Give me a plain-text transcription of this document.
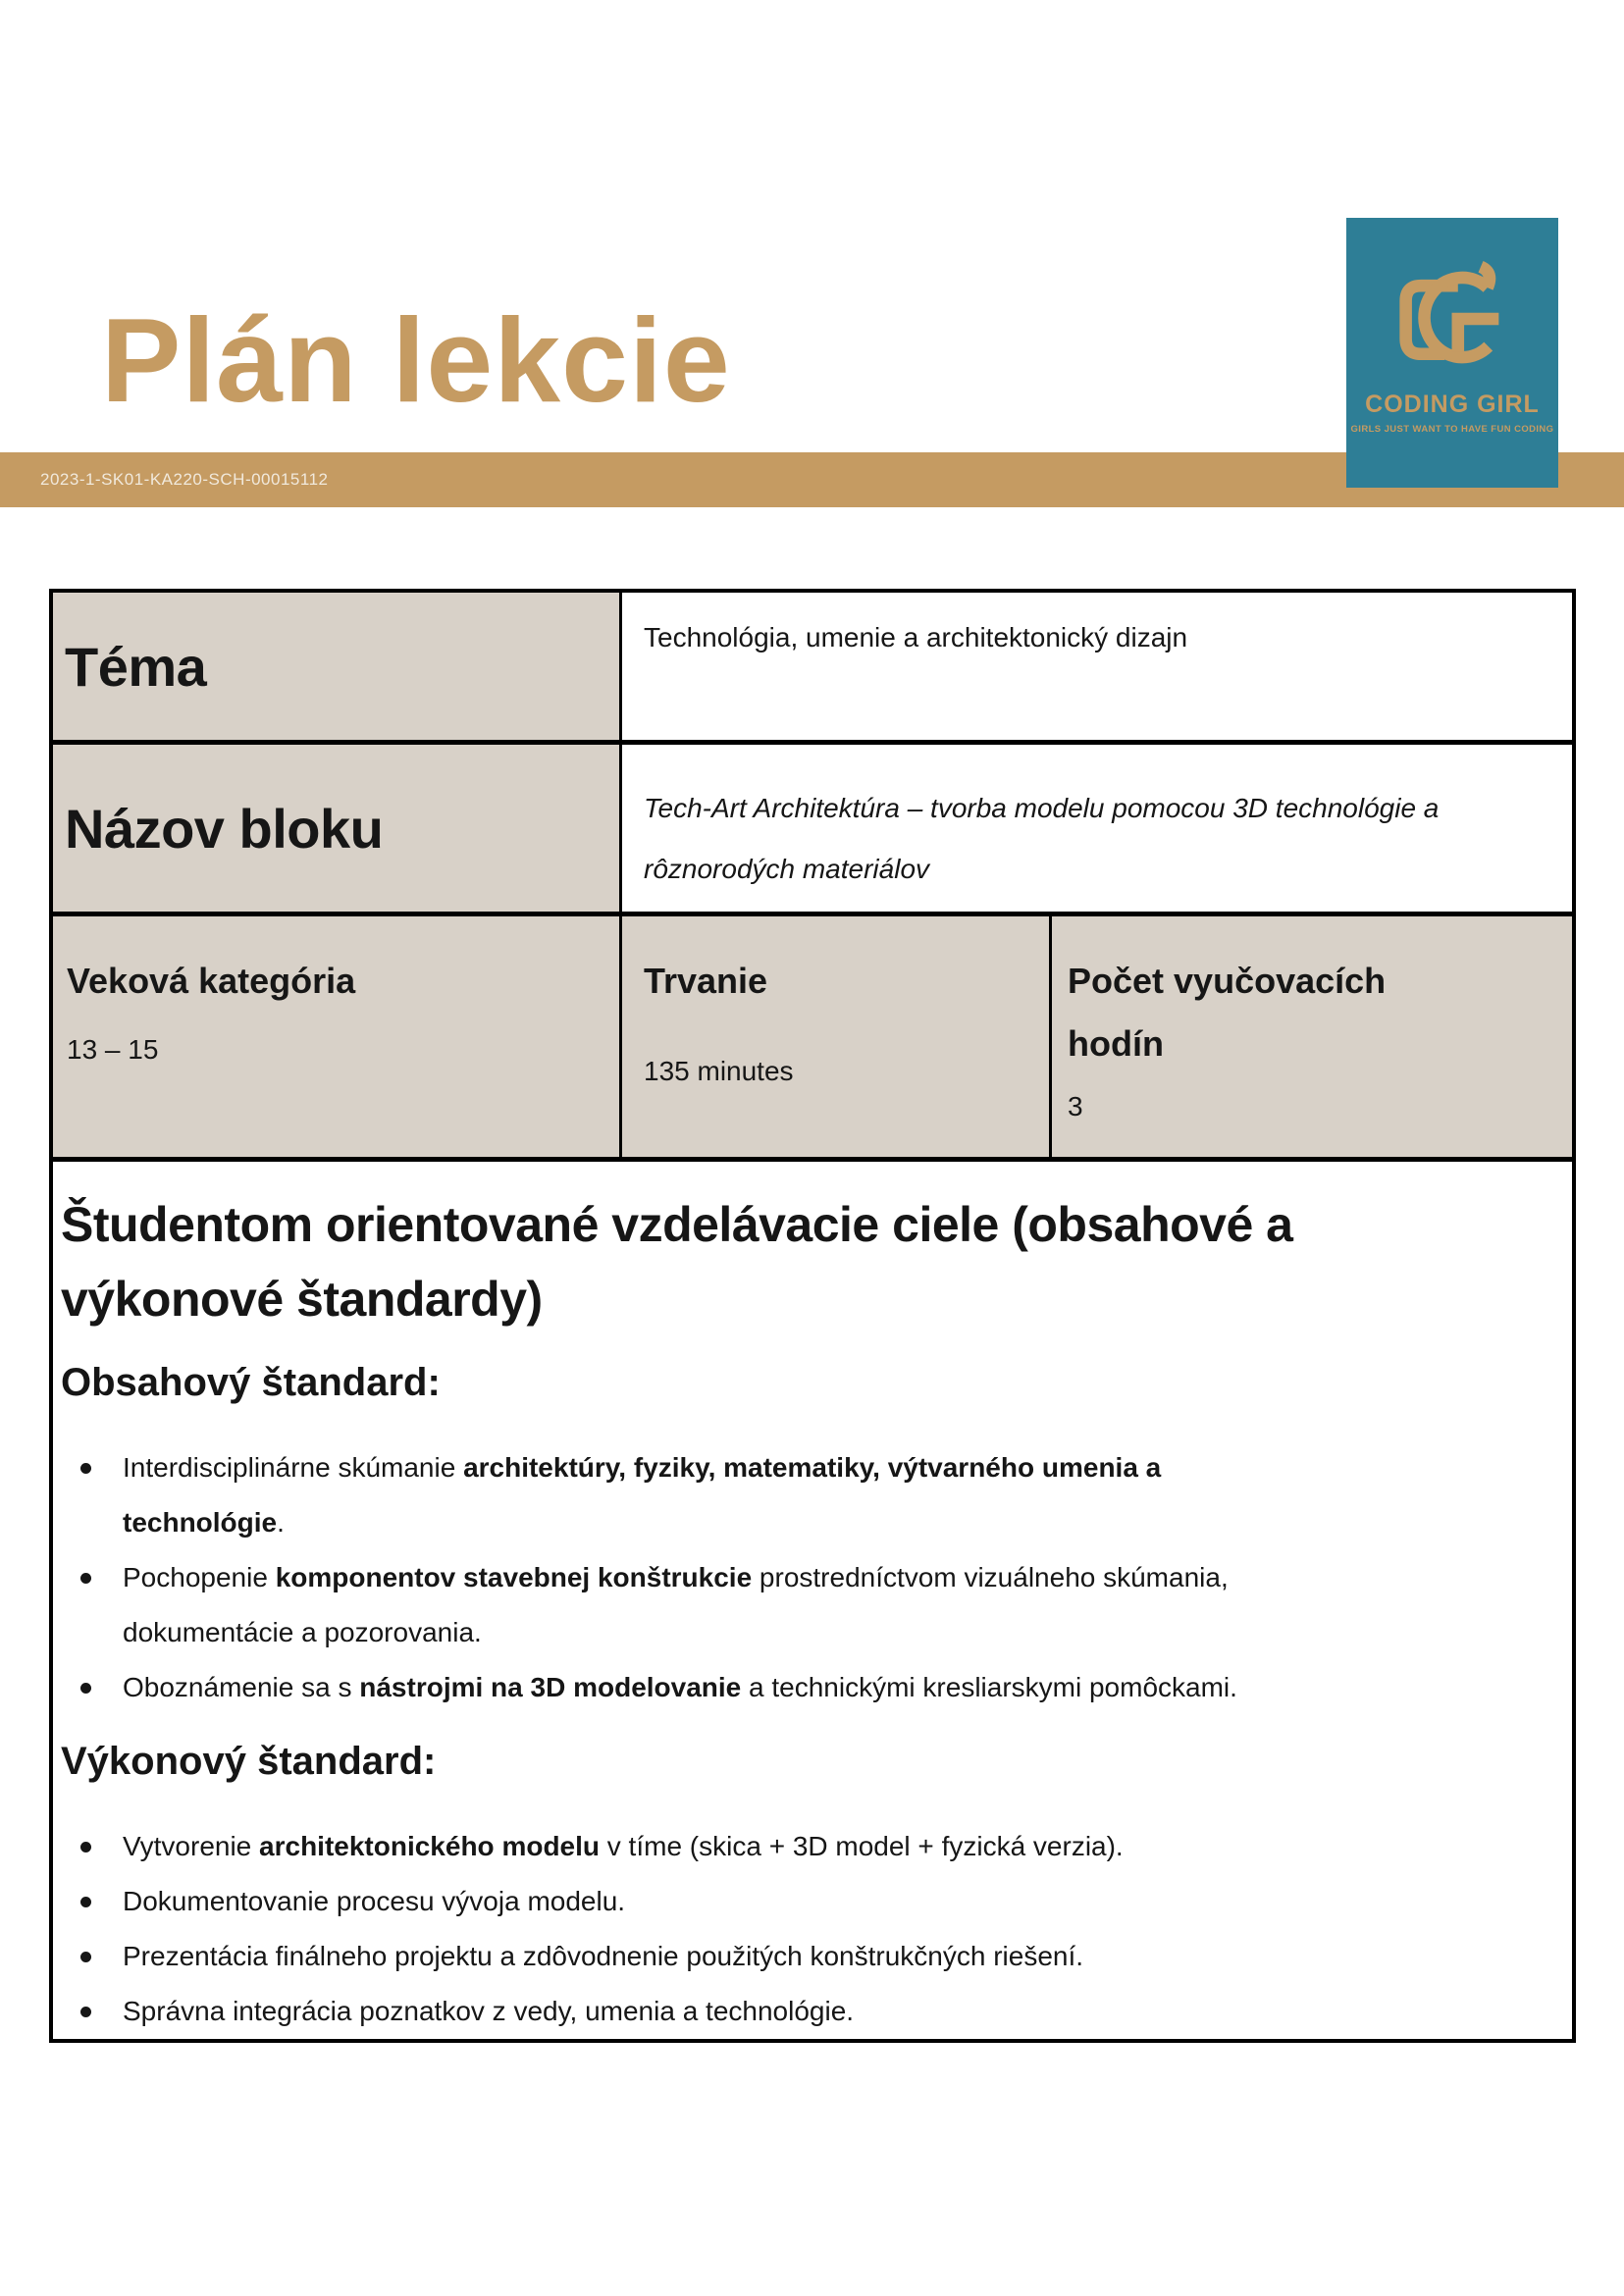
Plán lekcie
2023-1-SK01-KA220-SCH-00015112
CODING GIRL
GIRLS JUST WANT TO HAVE FUN CODING
Téma	Technológia, umenie a architektonický dizajn
Názov bloku	Tech-Art Architektúra – tvorba modelu pomocou 3D technológie a
rôznorodých materiálov
Veková kategória
13 – 15
Trvanie
135 minutes
Počet vyučovacích hodín
3
Študentom orientované vzdelávacie ciele (obsahové a
výkonové štandardy)
Obsahový štandard:
Interdisciplinárne skúmanie architektúry, fyziky, matematiky, výtvarného umenia a
technológie.
Pochopenie komponentov stavebnej konštrukcie prostredníctvom vizuálneho skúmania,
dokumentácie a pozorovania.
Oboznámenie sa s nástrojmi na 3D modelovanie a technickými kresliarskymi pomôckami.
Výkonový štandard:
Vytvorenie architektonického modelu v tíme (skica + 3D model + fyzická verzia).
Dokumentovanie procesu vývoja modelu.
Prezentácia finálneho projektu a zdôvodnenie použitých konštrukčných riešení.
Správna integrácia poznatkov z vedy, umenia a technológie.
